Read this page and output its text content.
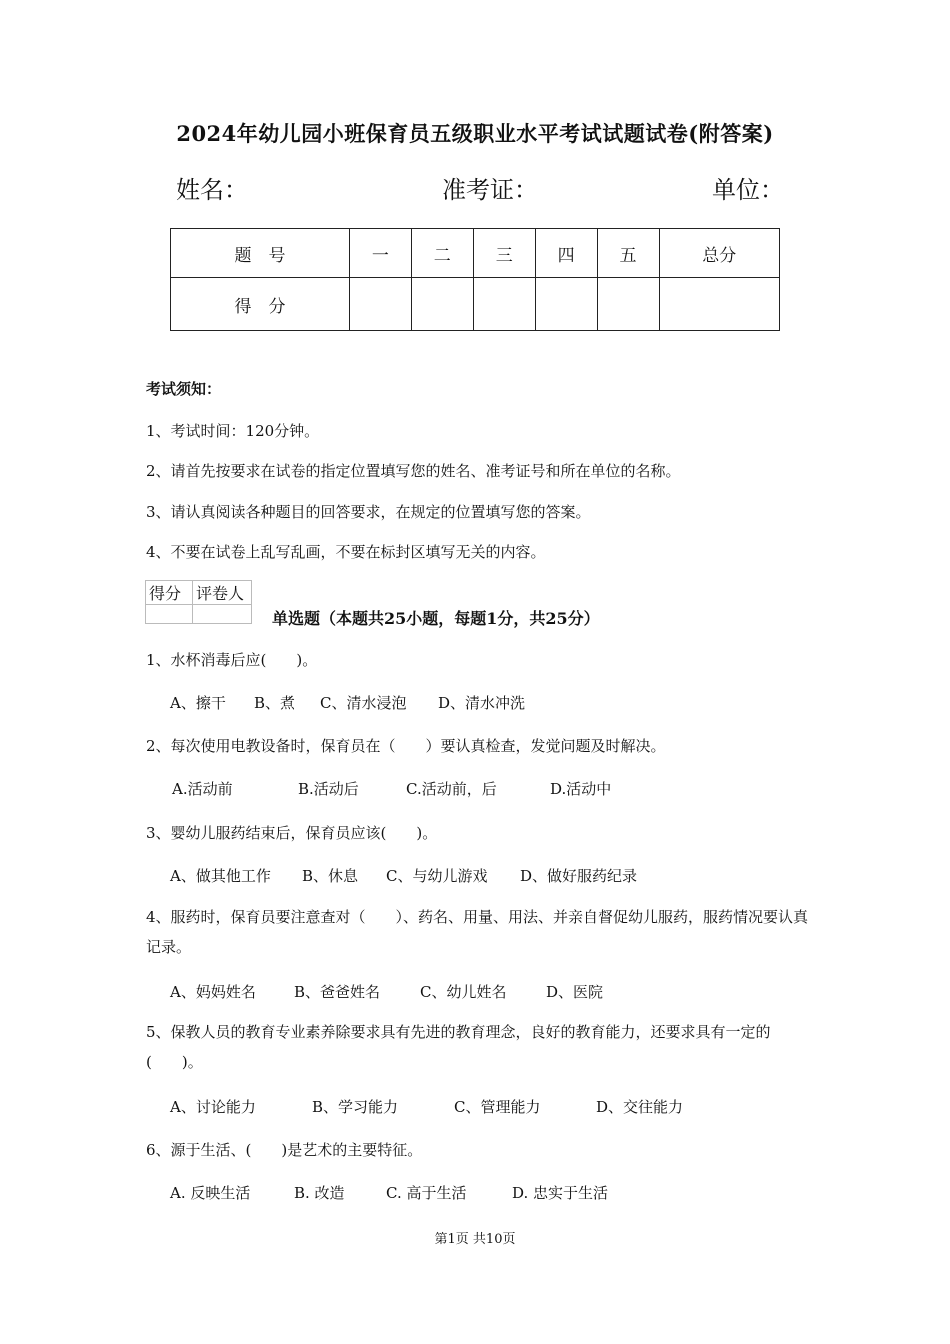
2024年幼儿园小班保育员五级职业水平考试试题试卷(附答案)
姓名：	准考证：	单位：
题　号	一	二	三	四	五	总分
得　分						
考试须知：
1、考试时间：120分钟。
2、请首先按要求在试卷的指定位置填写您的姓名、准考证号和所在单位的名称。
3、请认真阅读各种题目的回答要求，在规定的位置填写您的答案。
4、不要在试卷上乱写乱画，不要在标封区填写无关的内容。
得分	评卷人

单选题（本题共25小题，每题1分，共25分）
1、水杯消毒后应(　　)。
A、擦干 B、煮 C、清水浸泡 D、清水冲洗
2、每次使用电教设备时，保育员在（　　）要认真检查，发觉问题及时解决。
A.活动前	B.活动后	C.活动前，后	D.活动中
3、婴幼儿服药结束后，保育员应该(　　)。
A、做其他工作 B、休息 C、与幼儿游戏 D、做好服药纪录
4、服药时，保育员要注意查对（　　）、药名、用量、用法、并亲自督促幼儿服药，服药情况要认真记录。
A、妈妈姓名	B、爸爸姓名	C、幼儿姓名	D、医院
5、保教人员的教育专业素养除要求具有先进的教育理念，良好的教育能力，还要求具有一定的(　　)。
A、讨论能力	B、学习能力	C、管理能力	D、交往能力
6、源于生活、(　　)是艺术的主要特征。
A. 反映生活	B. 改造	C. 高于生活	D. 忠实于生活
第1页 共10页
